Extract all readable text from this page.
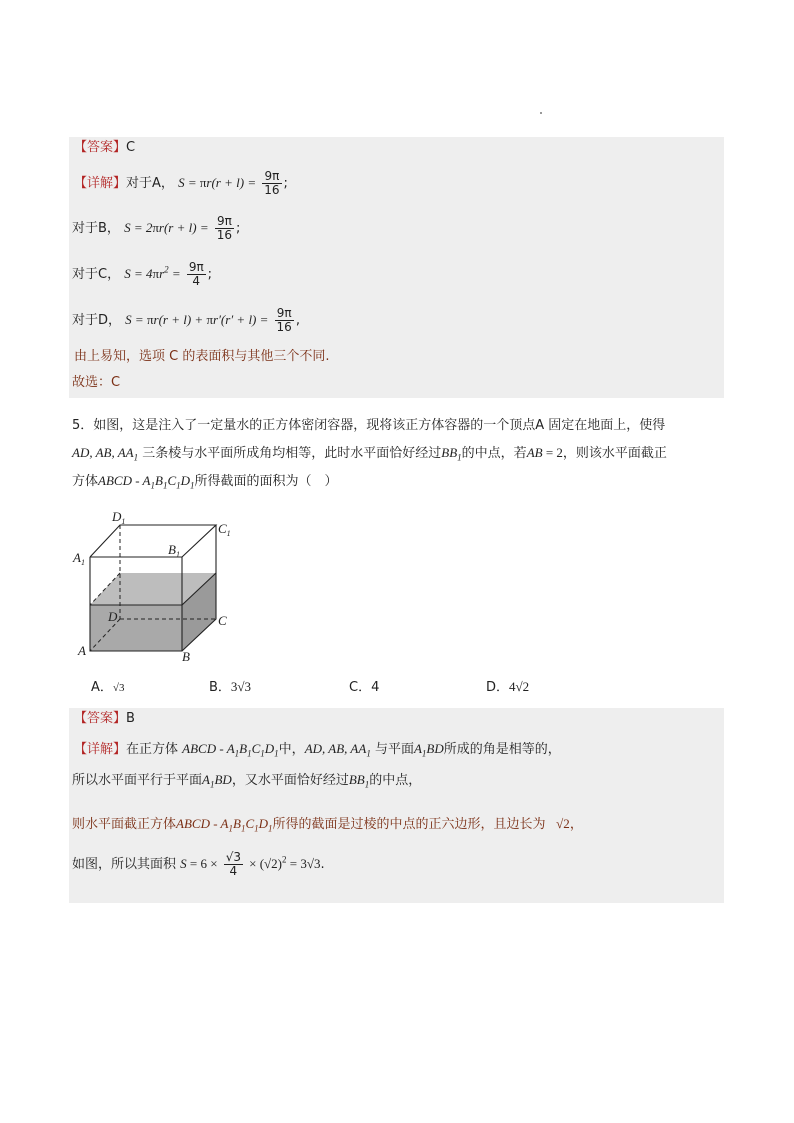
【答案】C
【详解】对于A， $S = \pi r(r + l) = \frac{9\pi}{16}$ ;
对于B， $S = 2\pi r(r + l) = \frac{9\pi}{16}$ ;
对于C， $S = 4\pi r^2 = \frac{9\pi}{4}$ ;
对于D， $S = \pi r(r + l) + \pi r'(r' + l) = \frac{9\pi}{16}$ ,
由上易知，选项 C 的表面积与其他三个不同.
故选：C
5．如图，这是注入了一定量水的正方体密闭容器，现将该正方体容器的一个顶点A 固定在地面上，使得
AD, AB, $AA_1$ 三条棱与水平面所成角均相等，此时水平面恰好经过$BB_1$的中点，若AB = 2，则该水平面截正
方体ABCD - $A_1B_1C_1D_1$所得截面的面积为（　）
$D_1$	$C_1$
$A_1$
$B_1$
D	C
A	B
A．√3	B．3√3	C．4	D．4√2
【答案】B
【详解】在正方体 ABCD - $A_1B_1C_1D_1$中，AD, AB, $AA_1$ 与平面$A_1BD$所成的角是相等的，
所以水平面平行于平面$A_1BD$，又水平面恰好经过$BB_1$的中点，
则水平面截正方体ABCD - $A_1B_1C_1D_1$所得的截面是过棱的中点的正六边形，且边长为   √2，
如图，所以其面积 $S = 6 \times \frac{√3}{4} \times (√2)^2 = 3√3$.
